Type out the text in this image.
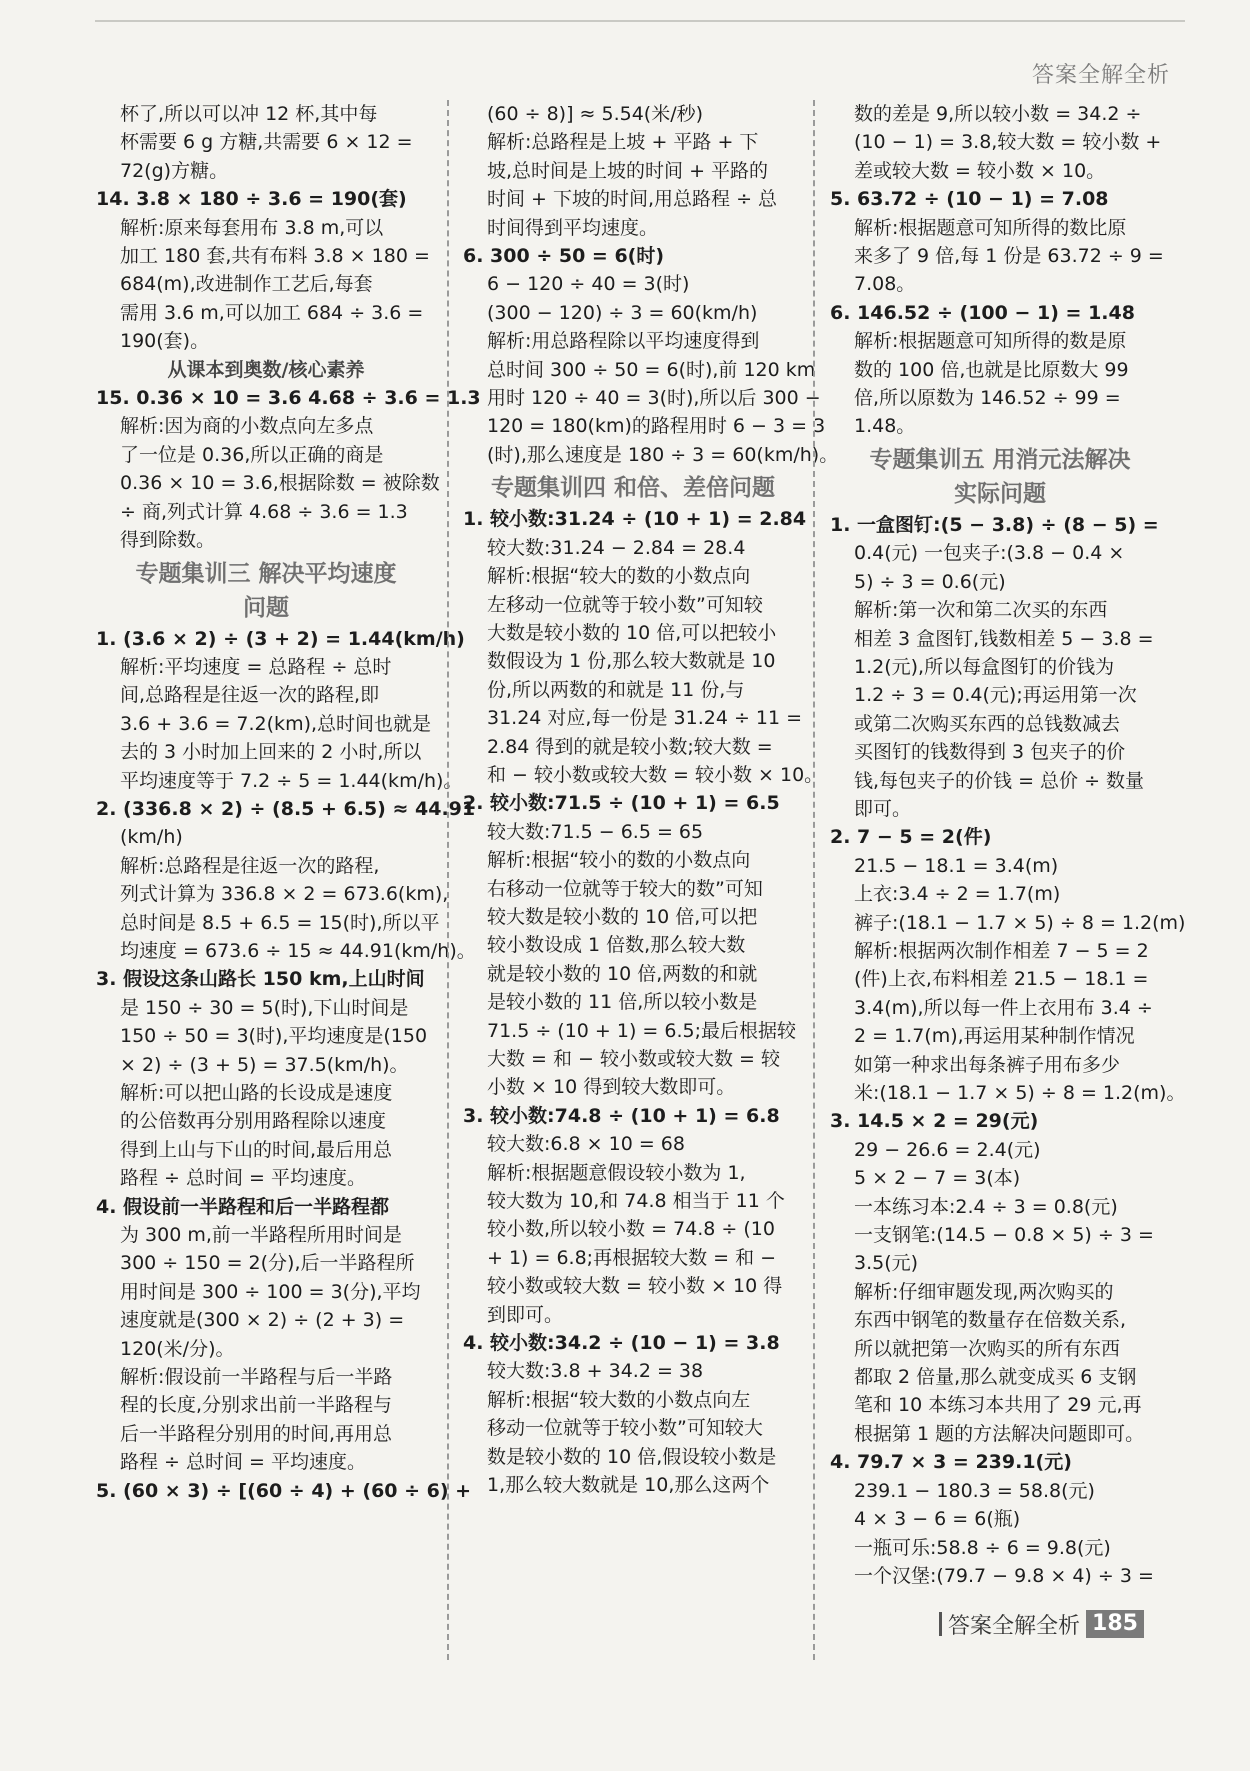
答案全解全析
杯了,所以可以冲 12 杯,其中每
杯需要 6 g 方糖,共需要 6 × 12 =
72(g)方糖。
14. 3.8 × 180 ÷ 3.6 = 190(套)
解析:原来每套用布 3.8 m,可以
加工 180 套,共有布料 3.8 × 180 =
684(m),改进制作工艺后,每套
需用 3.6 m,可以加工 684 ÷ 3.6 =
190(套)。
从课本到奥数/核心素养
15. 0.36 × 10 = 3.6 4.68 ÷ 3.6 = 1.3
解析:因为商的小数点向左多点
了一位是 0.36,所以正确的商是
0.36 × 10 = 3.6,根据除数 = 被除数
÷ 商,列式计算 4.68 ÷ 3.6 = 1.3
得到除数。
专题集训三 解决平均速度
问题
1. (3.6 × 2) ÷ (3 + 2) = 1.44(km/h)
解析:平均速度 = 总路程 ÷ 总时
间,总路程是往返一次的路程,即
3.6 + 3.6 = 7.2(km),总时间也就是
去的 3 小时加上回来的 2 小时,所以
平均速度等于 7.2 ÷ 5 = 1.44(km/h)。
2. (336.8 × 2) ÷ (8.5 + 6.5) ≈ 44.91
(km/h)
解析:总路程是往返一次的路程,
列式计算为 336.8 × 2 = 673.6(km),
总时间是 8.5 + 6.5 = 15(时),所以平
均速度 = 673.6 ÷ 15 ≈ 44.91(km/h)。
3. 假设这条山路长 150 km,上山时间
是 150 ÷ 30 = 5(时),下山时间是
150 ÷ 50 = 3(时),平均速度是(150
× 2) ÷ (3 + 5) = 37.5(km/h)。
解析:可以把山路的长设成是速度
的公倍数再分别用路程除以速度
得到上山与下山的时间,最后用总
路程 ÷ 总时间 = 平均速度。
4. 假设前一半路程和后一半路程都
为 300 m,前一半路程所用时间是
300 ÷ 150 = 2(分),后一半路程所
用时间是 300 ÷ 100 = 3(分),平均
速度就是(300 × 2) ÷ (2 + 3) =
120(米/分)。
解析:假设前一半路程与后一半路
程的长度,分别求出前一半路程与
后一半路程分别用的时间,再用总
路程 ÷ 总时间 = 平均速度。
5. (60 × 3) ÷ [(60 ÷ 4) + (60 ÷ 6) +
(60 ÷ 8)] ≈ 5.54(米/秒)
解析:总路程是上坡 + 平路 + 下
坡,总时间是上坡的时间 + 平路的
时间 + 下坡的时间,用总路程 ÷ 总
时间得到平均速度。
6. 300 ÷ 50 = 6(时)
6 − 120 ÷ 40 = 3(时)
(300 − 120) ÷ 3 = 60(km/h)
解析:用总路程除以平均速度得到
总时间 300 ÷ 50 = 6(时),前 120 km
用时 120 ÷ 40 = 3(时),所以后 300 −
120 = 180(km)的路程用时 6 − 3 = 3
(时),那么速度是 180 ÷ 3 = 60(km/h)。
专题集训四 和倍、差倍问题
1. 较小数:31.24 ÷ (10 + 1) = 2.84
较大数:31.24 − 2.84 = 28.4
解析:根据“较大的数的小数点向
左移动一位就等于较小数”可知较
大数是较小数的 10 倍,可以把较小
数假设为 1 份,那么较大数就是 10
份,所以两数的和就是 11 份,与
31.24 对应,每一份是 31.24 ÷ 11 =
2.84 得到的就是较小数;较大数 =
和 − 较小数或较大数 = 较小数 × 10。
2. 较小数:71.5 ÷ (10 + 1) = 6.5
较大数:71.5 − 6.5 = 65
解析:根据“较小的数的小数点向
右移动一位就等于较大的数”可知
较大数是较小数的 10 倍,可以把
较小数设成 1 倍数,那么较大数
就是较小数的 10 倍,两数的和就
是较小数的 11 倍,所以较小数是
71.5 ÷ (10 + 1) = 6.5;最后根据较
大数 = 和 − 较小数或较大数 = 较
小数 × 10 得到较大数即可。
3. 较小数:74.8 ÷ (10 + 1) = 6.8
较大数:6.8 × 10 = 68
解析:根据题意假设较小数为 1,
较大数为 10,和 74.8 相当于 11 个
较小数,所以较小数 = 74.8 ÷ (10
+ 1) = 6.8;再根据较大数 = 和 −
较小数或较大数 = 较小数 × 10 得
到即可。
4. 较小数:34.2 ÷ (10 − 1) = 3.8
较大数:3.8 + 34.2 = 38
解析:根据“较大数的小数点向左
移动一位就等于较小数”可知较大
数是较小数的 10 倍,假设较小数是
1,那么较大数就是 10,那么这两个
数的差是 9,所以较小数 = 34.2 ÷
(10 − 1) = 3.8,较大数 = 较小数 +
差或较大数 = 较小数 × 10。
5. 63.72 ÷ (10 − 1) = 7.08
解析:根据题意可知所得的数比原
来多了 9 倍,每 1 份是 63.72 ÷ 9 =
7.08。
6. 146.52 ÷ (100 − 1) = 1.48
解析:根据题意可知所得的数是原
数的 100 倍,也就是比原数大 99
倍,所以原数为 146.52 ÷ 99 =
1.48。
专题集训五 用消元法解决
实际问题
1. 一盒图钉:(5 − 3.8) ÷ (8 − 5) =
0.4(元) 一包夹子:(3.8 − 0.4 ×
5) ÷ 3 = 0.6(元)
解析:第一次和第二次买的东西
相差 3 盒图钉,钱数相差 5 − 3.8 =
1.2(元),所以每盒图钉的价钱为
1.2 ÷ 3 = 0.4(元);再运用第一次
或第二次购买东西的总钱数减去
买图钉的钱数得到 3 包夹子的价
钱,每包夹子的价钱 = 总价 ÷ 数量
即可。
2. 7 − 5 = 2(件)
21.5 − 18.1 = 3.4(m)
上衣:3.4 ÷ 2 = 1.7(m)
裤子:(18.1 − 1.7 × 5) ÷ 8 = 1.2(m)
解析:根据两次制作相差 7 − 5 = 2
(件)上衣,布料相差 21.5 − 18.1 =
3.4(m),所以每一件上衣用布 3.4 ÷
2 = 1.7(m),再运用某种制作情况
如第一种求出每条裤子用布多少
米:(18.1 − 1.7 × 5) ÷ 8 = 1.2(m)。
3. 14.5 × 2 = 29(元)
29 − 26.6 = 2.4(元)
5 × 2 − 7 = 3(本)
一本练习本:2.4 ÷ 3 = 0.8(元)
一支钢笔:(14.5 − 0.8 × 5) ÷ 3 =
3.5(元)
解析:仔细审题发现,两次购买的
东西中钢笔的数量存在倍数关系,
所以就把第一次购买的所有东西
都取 2 倍量,那么就变成买 6 支钢
笔和 10 本练习本共用了 29 元,再
根据第 1 题的方法解决问题即可。
4. 79.7 × 3 = 239.1(元)
239.1 − 180.3 = 58.8(元)
4 × 3 − 6 = 6(瓶)
一瓶可乐:58.8 ÷ 6 = 9.8(元)
一个汉堡:(79.7 − 9.8 × 4) ÷ 3 =
答案全解全析 185
